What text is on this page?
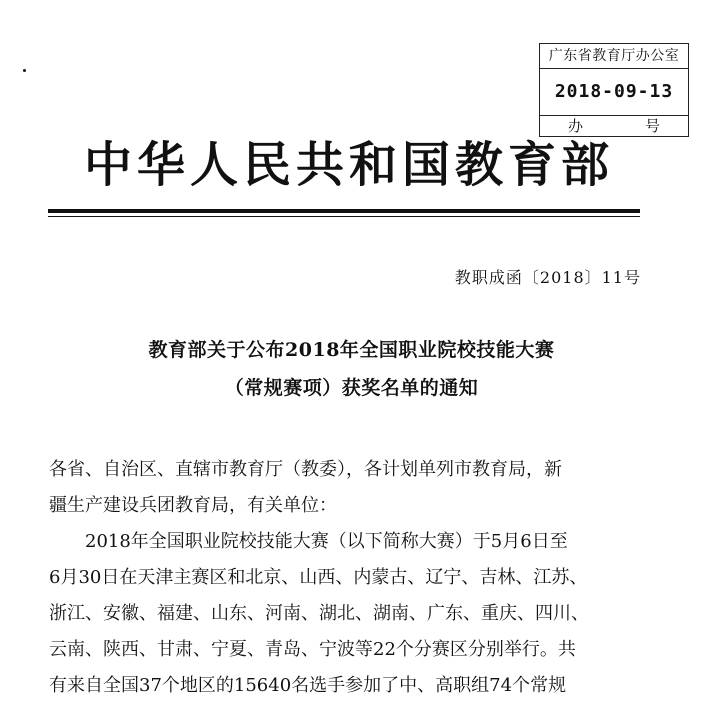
广东省教育厅办公室
2018-09-13
办	号
中华人民共和国教育部
教职成函〔2018〕11号
教育部关于公布2018年全国职业院校技能大赛
（常规赛项）获奖名单的通知
各省、自治区、直辖市教育厅（教委），各计划单列市教育局，新
疆生产建设兵团教育局，有关单位：
2018年全国职业院校技能大赛（以下简称大赛）于5月6日至
6月30日在天津主赛区和北京、山西、内蒙古、辽宁、吉林、江苏、
浙江、安徽、福建、山东、河南、湖北、湖南、广东、重庆、四川、
云南、陕西、甘肃、宁夏、青岛、宁波等22个分赛区分别举行。共
有来自全国37个地区的15640名选手参加了中、高职组74个常规
